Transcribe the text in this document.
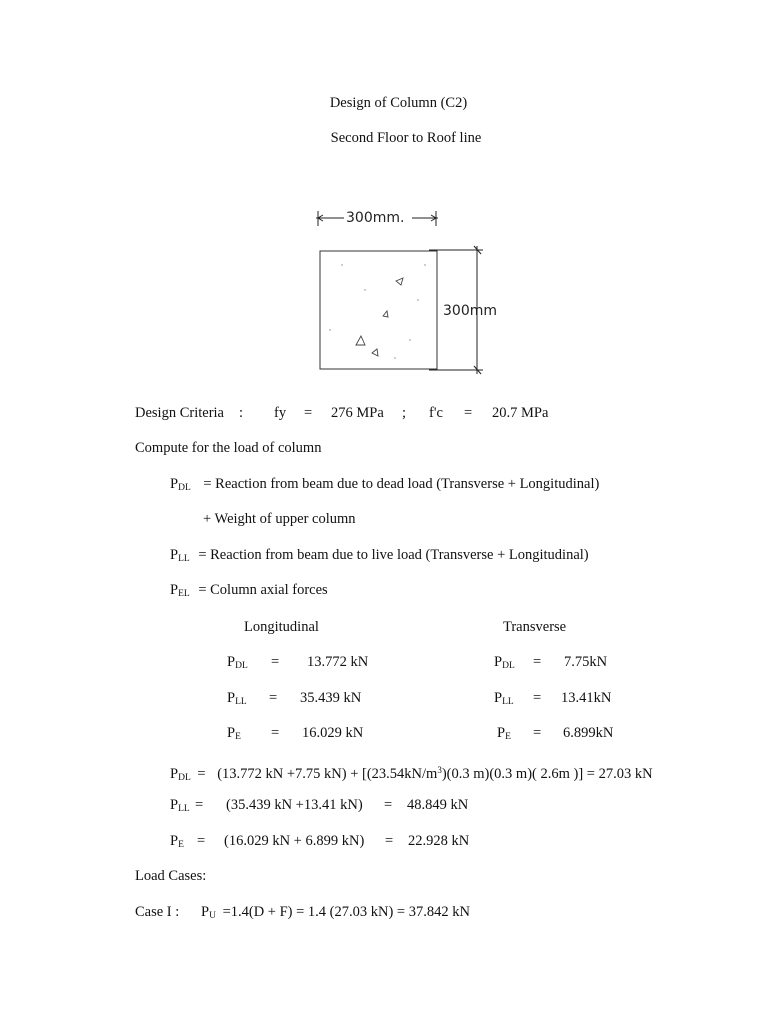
Design of Column (C2)
Second Floor to Roof line
300mm.
300mm
Design Criteria : fy = 276 MPa ; f'c = 20.7 MPa
Compute for the load of column
$P_{DL}$ = Reaction from beam due to dead load (Transverse + Longitudinal)
+ Weight of upper column
$P_{LL}$ = Reaction from beam due to live load (Transverse + Longitudinal)
$P_{EL}$ = Column axial forces
Longitudinal	Transverse
$P_{DL} = 13.772$ kN	$P_{DL} = 7.75kN$
$P_{LL} = 35.439$ kN	$P_{LL} = 13.41kN$
$P_E = 16.029$ kN	$P_E = 6.899kN$
$P_{DL} = (13.772$ kN +7.75 $kN) + [(23.54kN/m^3)(0.3$ m)(0.3 m)( 2.6m )] = 27.03 kN
$P_{LL} = (35.439$ kN +13.41 kN) = 48.849 kN
$P_E = (16.029$ kN + 6.899 kN) = 22.928 kN
Load Cases:
Case I : $P_U =1.4(D + F) = 1.4$ (27.03 kN) = 37.842 kN
